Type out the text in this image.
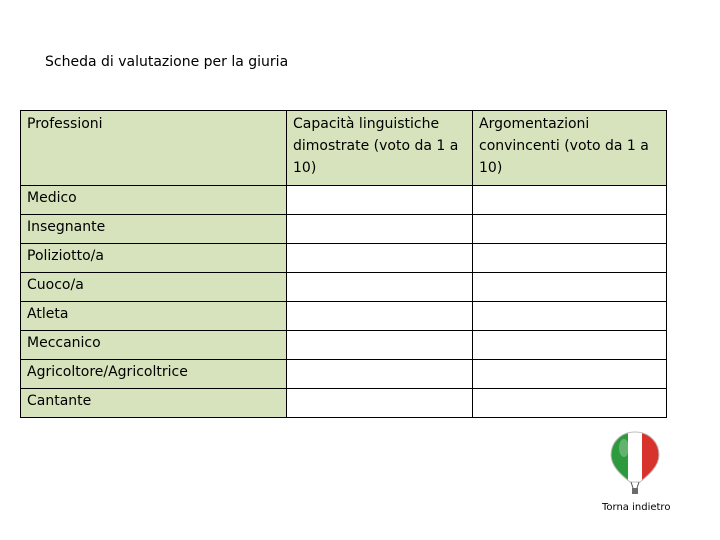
Scheda di valutazione per la giuria
Professioni	Capacità linguistiche dimostrate (voto da 1 a 10)	Argomentazioni convincenti (voto da 1 a 10)
Medico		
Insegnante		
Poliziotto/a		
Cuoco/a		
Atleta		
Meccanico		
Agricoltore/Agricoltrice		
Cantante		
Torna indietro
